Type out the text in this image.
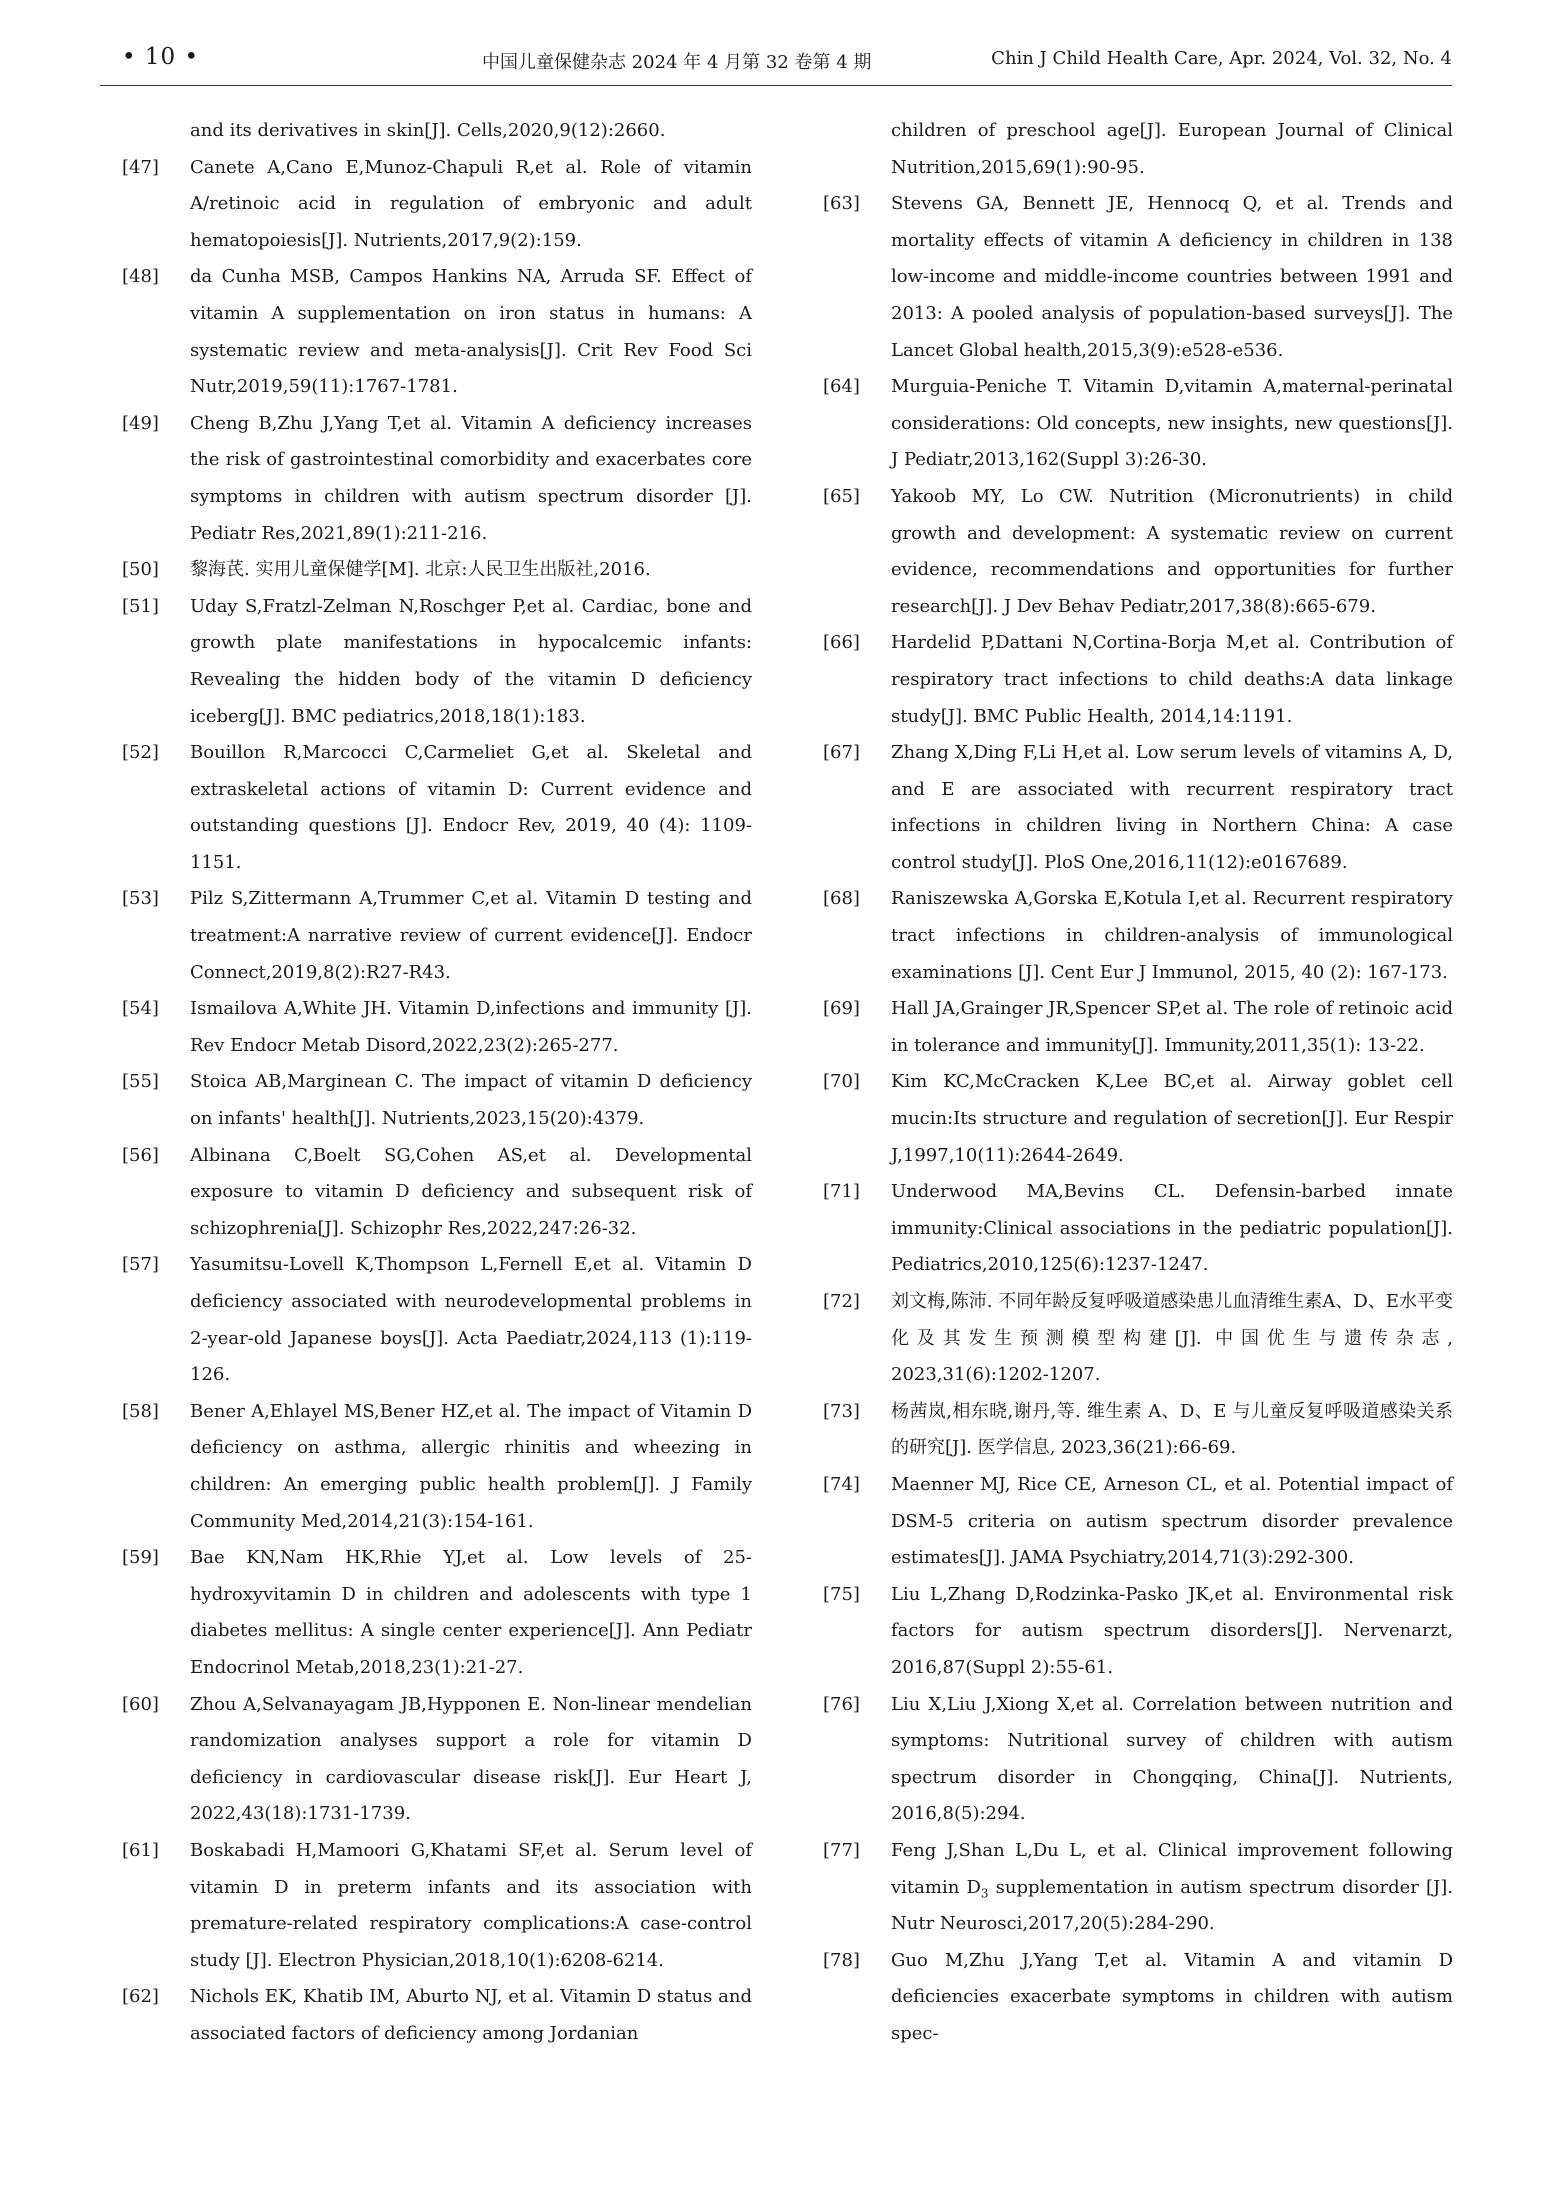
• 10 •	中国儿童保健杂志 2024 年 4 月第 32 卷第 4 期	Chin J Child Health Care, Apr. 2024, Vol. 32, No. 4

and its derivatives in skin[J]. Cells,2020,9(12):2660.

[47] Canete A,Cano E,Munoz-Chapuli R,et al. Role of vitamin A/retinoic acid in regulation of embryonic and adult hematopoiesis[J]. Nutrients,2017,9(2):159.

[48] da Cunha MSB, Campos Hankins NA, Arruda SF. Effect of vitamin A supplementation on iron status in humans: A systematic review and meta-analysis[J]. Crit Rev Food Sci Nutr,2019,59(11):1767-1781.

[49] Cheng B,Zhu J,Yang T,et al. Vitamin A deficiency increases the risk of gastrointestinal comorbidity and exacerbates core symptoms in children with autism spectrum disorder [J]. Pediatr Res,2021,89(1):211-216.

[50] 黎海芪. 实用儿童保健学[M]. 北京:人民卫生出版社,2016.

[51] Uday S,Fratzl-Zelman N,Roschger P,et al. Cardiac, bone and growth plate manifestations in hypocalcemic infants: Revealing the hidden body of the vitamin D deficiency iceberg[J]. BMC pediatrics,2018,18(1):183.

[52] Bouillon R,Marcocci C,Carmeliet G,et al. Skeletal and extraskeletal actions of vitamin D: Current evidence and outstanding questions [J]. Endocr Rev, 2019, 40 (4): 1109-1151.

[53] Pilz S,Zittermann A,Trummer C,et al. Vitamin D testing and treatment:A narrative review of current evidence[J]. Endocr Connect,2019,8(2):R27-R43.

[54] Ismailova A,White JH. Vitamin D,infections and immunity [J]. Rev Endocr Metab Disord,2022,23(2):265-277.

[55] Stoica AB,Marginean C. The impact of vitamin D deficiency on infants' health[J]. Nutrients,2023,15(20):4379.

[56] Albinana C,Boelt SG,Cohen AS,et al. Developmental exposure to vitamin D deficiency and subsequent risk of schizophrenia[J]. Schizophr Res,2022,247:26-32.

[57] Yasumitsu-Lovell K,Thompson L,Fernell E,et al. Vitamin D deficiency associated with neurodevelopmental problems in 2-year-old Japanese boys[J]. Acta Paediatr,2024,113 (1):119-126.

[58] Bener A,Ehlayel MS,Bener HZ,et al. The impact of Vitamin D deficiency on asthma, allergic rhinitis and wheezing in children: An emerging public health problem[J]. J Family Community Med,2014,21(3):154-161.

[59] Bae KN,Nam HK,Rhie YJ,et al. Low levels of 25-hydroxyvitamin D in children and adolescents with type 1 diabetes mellitus: A single center experience[J]. Ann Pediatr Endocrinol Metab,2018,23(1):21-27.

[60] Zhou A,Selvanayagam JB,Hypponen E. Non-linear mendelian randomization analyses support a role for vitamin D deficiency in cardiovascular disease risk[J]. Eur Heart J, 2022,43(18):1731-1739.

[61] Boskabadi H,Mamoori G,Khatami SF,et al. Serum level of vitamin D in preterm infants and its association with premature-related respiratory complications:A case-control study [J]. Electron Physician,2018,10(1):6208-6214.

[62] Nichols EK, Khatib IM, Aburto NJ, et al. Vitamin D status and associated factors of deficiency among Jordanian

children of preschool age[J]. European Journal of Clinical Nutrition,2015,69(1):90-95.

[63] Stevens GA, Bennett JE, Hennocq Q, et al. Trends and mortality effects of vitamin A deficiency in children in 138 low-income and middle-income countries between 1991 and 2013: A pooled analysis of population-based surveys[J]. The Lancet Global health,2015,3(9):e528-e536.

[64] Murguia-Peniche T. Vitamin D,vitamin A,maternal-perinatal considerations: Old concepts, new insights, new questions[J]. J Pediatr,2013,162(Suppl 3):26-30.

[65] Yakoob MY, Lo CW. Nutrition (Micronutrients) in child growth and development: A systematic review on current evidence, recommendations and opportunities for further research[J]. J Dev Behav Pediatr,2017,38(8):665-679.

[66] Hardelid P,Dattani N,Cortina-Borja M,et al. Contribution of respiratory tract infections to child deaths:A data linkage study[J]. BMC Public Health, 2014,14:1191.

[67] Zhang X,Ding F,Li H,et al. Low serum levels of vitamins A, D, and E are associated with recurrent respiratory tract infections in children living in Northern China: A case control study[J]. PloS One,2016,11(12):e0167689.

[68] Raniszewska A,Gorska E,Kotula I,et al. Recurrent respiratory tract infections in children-analysis of immunological examinations [J]. Cent Eur J Immunol, 2015, 40 (2): 167-173.

[69] Hall JA,Grainger JR,Spencer SP,et al. The role of retinoic acid in tolerance and immunity[J]. Immunity,2011,35(1): 13-22.

[70] Kim KC,McCracken K,Lee BC,et al. Airway goblet cell mucin:Its structure and regulation of secretion[J]. Eur Respir J,1997,10(11):2644-2649.

[71] Underwood MA,Bevins CL. Defensin-barbed innate immunity:Clinical associations in the pediatric population[J]. Pediatrics,2010,125(6):1237-1247.

[72] 刘文梅,陈沛. 不同年龄反复呼吸道感染患儿血清维生素A、D、E水平变化及其发生预测模型构建[J]. 中国优生与遗传杂志, 2023,31(6):1202-1207.

[73] 杨茜岚,相东晓,谢丹,等. 维生素 A、D、E 与儿童反复呼吸道感染关系的研究[J]. 医学信息, 2023,36(21):66-69.

[74] Maenner MJ, Rice CE, Arneson CL, et al. Potential impact of DSM-5 criteria on autism spectrum disorder prevalence estimates[J]. JAMA Psychiatry,2014,71(3):292-300.

[75] Liu L,Zhang D,Rodzinka-Pasko JK,et al. Environmental risk factors for autism spectrum disorders[J]. Nervenarzt, 2016,87(Suppl 2):55-61.

[76] Liu X,Liu J,Xiong X,et al. Correlation between nutrition and symptoms: Nutritional survey of children with autism spectrum disorder in Chongqing, China[J]. Nutrients, 2016,8(5):294.

[77] Feng J,Shan L,Du L, et al. Clinical improvement following vitamin $D_3$ supplementation in autism spectrum disorder [J]. Nutr Neurosci,2017,20(5):284-290.

[78] Guo M,Zhu J,Yang T,et al. Vitamin A and vitamin D deficiencies exacerbate symptoms in children with autism spec-
